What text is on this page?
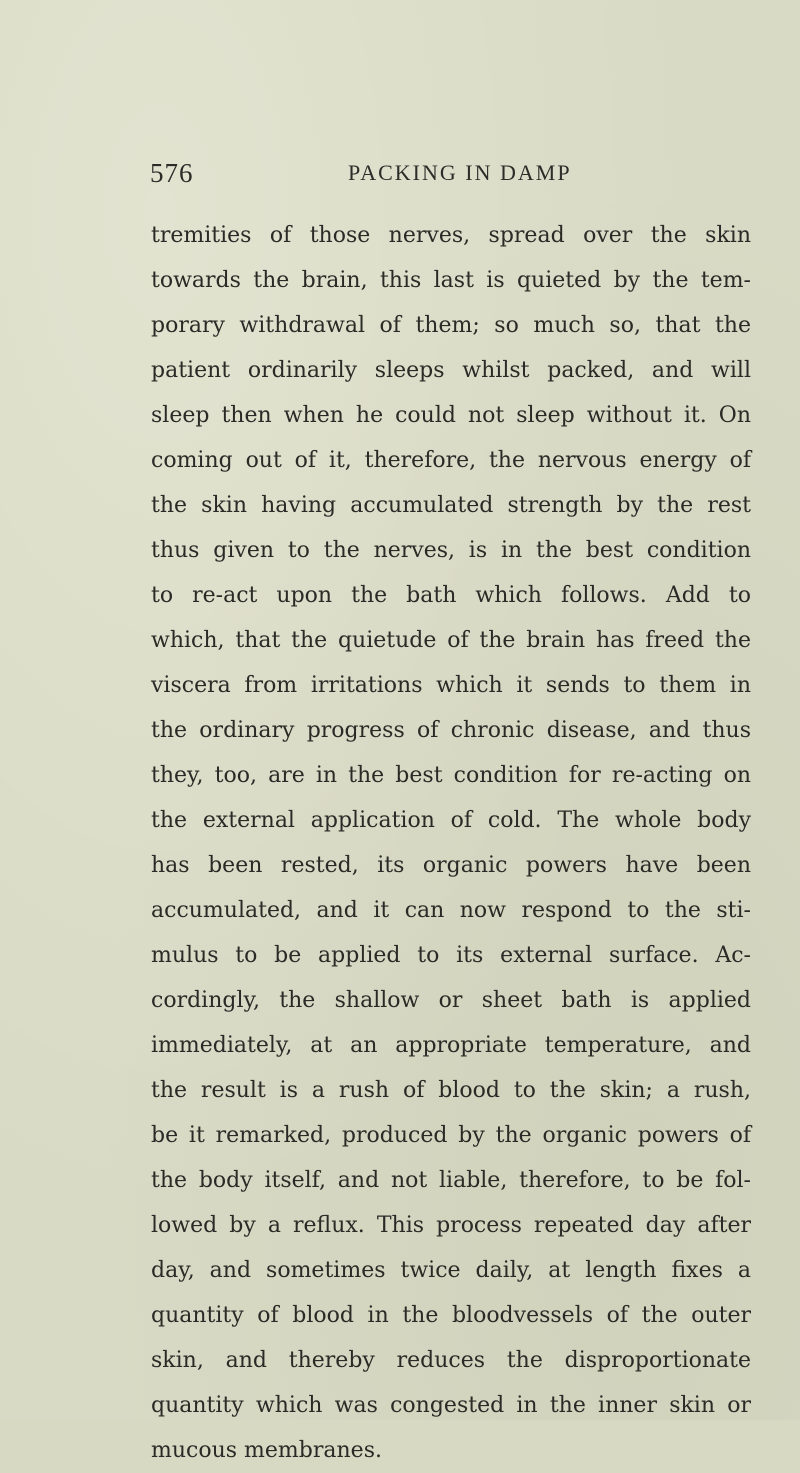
576	PACKING IN DAMP
tremities of those nerves, spread over the skin
towards the brain, this last is quieted by the tem-
porary withdrawal of them; so much so, that the
patient ordinarily sleeps whilst packed, and will
sleep then when he could not sleep without it. On
coming out of it, therefore, the nervous energy of
the skin having accumulated strength by the rest
thus given to the nerves, is in the best condition
to re-act upon the bath which follows. Add to
which, that the quietude of the brain has freed the
viscera from irritations which it sends to them in
the ordinary progress of chronic disease, and thus
they, too, are in the best condition for re-acting on
the external application of cold. The whole body
has been rested, its organic powers have been
accumulated, and it can now respond to the sti-
mulus to be applied to its external surface. Ac-
cordingly, the shallow or sheet bath is applied
immediately, at an appropriate temperature, and
the result is a rush of blood to the skin; a rush,
be it remarked, produced by the organic powers of
the body itself, and not liable, therefore, to be fol-
lowed by a reflux. This process repeated day after
day, and sometimes twice daily, at length fixes a
quantity of blood in the bloodvessels of the outer
skin, and thereby reduces the disproportionate
quantity which was congested in the inner skin or
mucous membranes.
